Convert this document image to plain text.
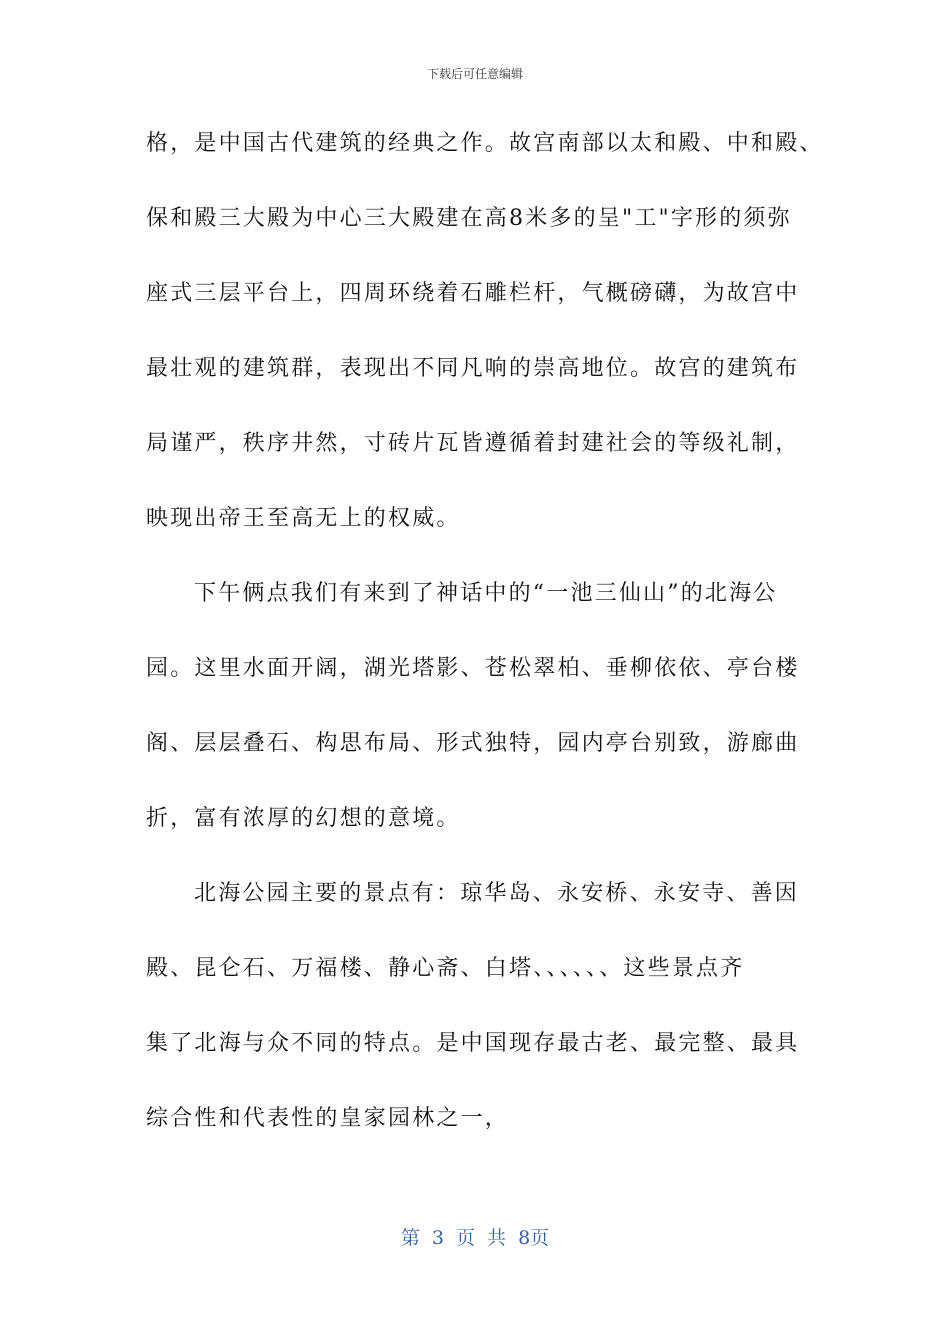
下载后可任意编辑
格，是中国古代建筑的经典之作。故宫南部以太和殿、中和殿、
保和殿三大殿为中心三大殿建在高8米多的呈"工"字形的须弥
座式三层平台上，四周环绕着石雕栏杆，气概磅礴，为故宫中
最壮观的建筑群，表现出不同凡响的崇高地位。故宫的建筑布
局谨严，秩序井然，寸砖片瓦皆遵循着封建社会的等级礼制，
映现出帝王至高无上的权威。
下午俩点我们有来到了神话中的“一池三仙山”的北海公
园。这里水面开阔，湖光塔影、苍松翠柏、垂柳依依、亭台楼
阁、层层叠石、构思布局、形式独特，园内亭台别致，游廊曲
折，富有浓厚的幻想的意境。
北海公园主要的景点有：琼华岛、永安桥、永安寺、善因
殿、昆仑石、万福楼、静心斋、白塔、、、、、、这些景点齐
集了北海与众不同的特点。是中国现存最古老、最完整、最具
综合性和代表性的皇家园林之一，
第 3 页 共 8页
